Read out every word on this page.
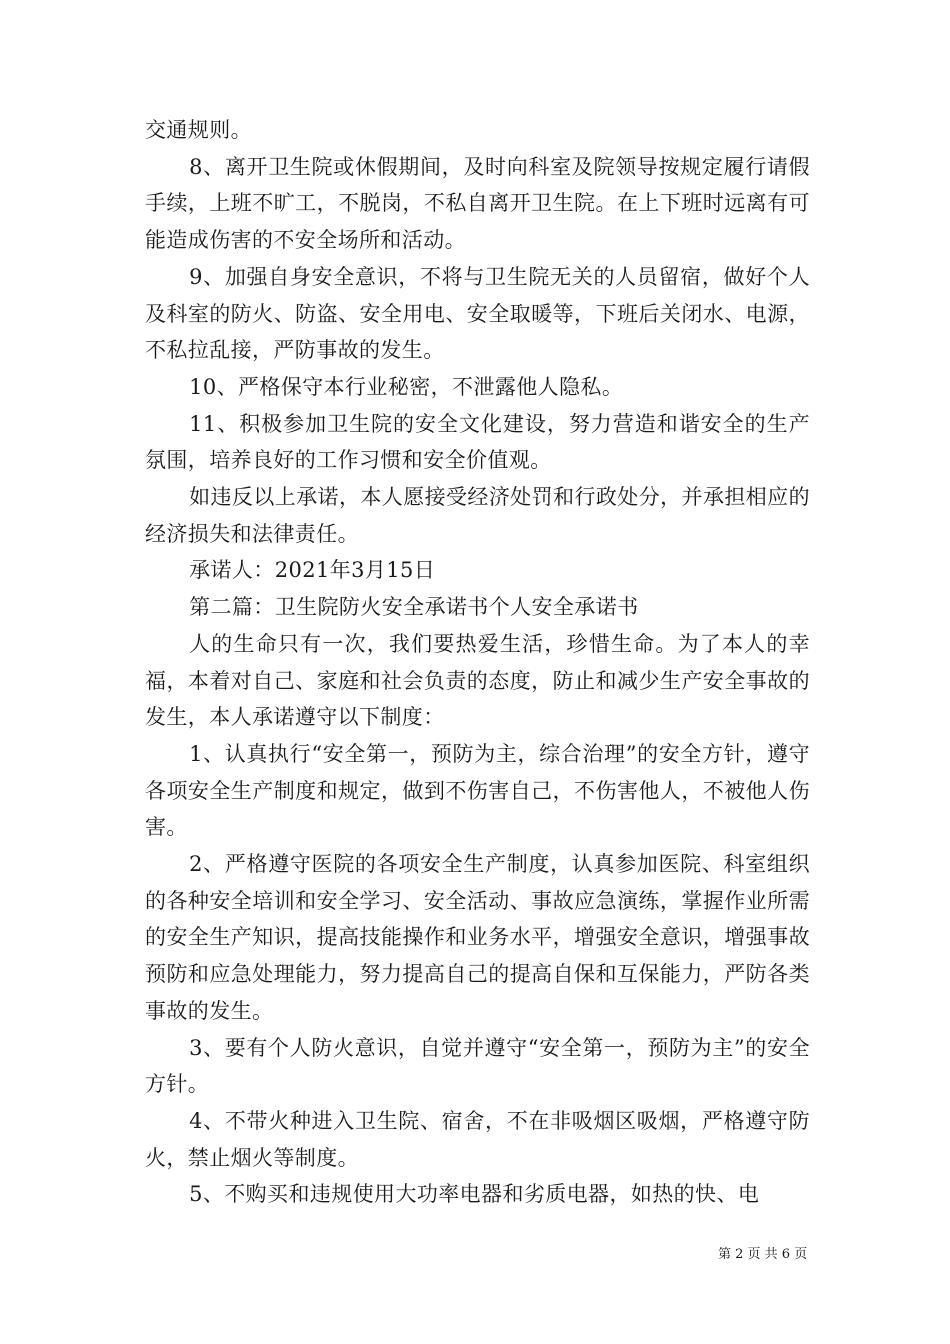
交通规则。

8、离开卫生院或休假期间，及时向科室及院领导按规定履行请假手续，上班不旷工，不脱岗，不私自离开卫生院。在上下班时远离有可能造成伤害的不安全场所和活动。

9、加强自身安全意识，不将与卫生院无关的人员留宿，做好个人及科室的防火、防盗、安全用电、安全取暖等，下班后关闭水、电源，不私拉乱接，严防事故的发生。

10、严格保守本行业秘密，不泄露他人隐私。

11、积极参加卫生院的安全文化建设，努力营造和谐安全的生产氛围，培养良好的工作习惯和安全价值观。

如违反以上承诺，本人愿接受经济处罚和行政处分，并承担相应的经济损失和法律责任。

承诺人：2021年3月15日

第二篇：卫生院防火安全承诺书个人安全承诺书

人的生命只有一次，我们要热爱生活，珍惜生命。为了本人的幸福，本着对自己、家庭和社会负责的态度，防止和减少生产安全事故的发生，本人承诺遵守以下制度：

1、认真执行“安全第一，预防为主，综合治理”的安全方针，遵守各项安全生产制度和规定，做到不伤害自己，不伤害他人，不被他人伤害。

2、严格遵守医院的各项安全生产制度，认真参加医院、科室组织的各种安全培训和安全学习、安全活动、事故应急演练，掌握作业所需的安全生产知识，提高技能操作和业务水平，增强安全意识，增强事故预防和应急处理能力，努力提高自己的提高自保和互保能力，严防各类事故的发生。

3、要有个人防火意识，自觉并遵守“安全第一，预防为主”的安全方针。

4、不带火种进入卫生院、宿舍，不在非吸烟区吸烟，严格遵守防火，禁止烟火等制度。

5、不购买和违规使用大功率电器和劣质电器，如热的快、电

第 2 页 共 6 页
